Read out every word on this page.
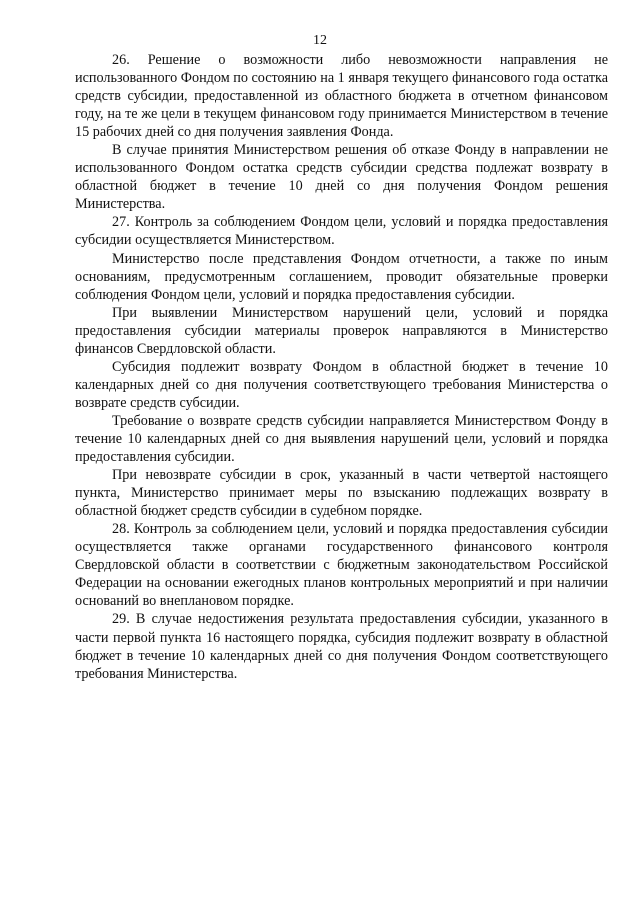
12

26. Решение о возможности либо невозможности направления не использованного Фондом по состоянию на 1 января текущего финансового года остатка средств субсидии, предоставленной из областного бюджета в отчетном финансовом году, на те же цели в текущем финансовом году принимается Министерством в течение 15 рабочих дней со дня получения заявления Фонда.

В случае принятия Министерством решения об отказе Фонду в направлении не использованного Фондом остатка средств субсидии средства подлежат возврату в областной бюджет в течение 10 дней со дня получения Фондом решения Министерства.

27. Контроль за соблюдением Фондом цели, условий и порядка предоставления субсидии осуществляется Министерством.

Министерство после представления Фондом отчетности, а также по иным основаниям, предусмотренным соглашением, проводит обязательные проверки соблюдения Фондом цели, условий и порядка предоставления субсидии.

При выявлении Министерством нарушений цели, условий и порядка предоставления субсидии материалы проверок направляются в Министерство финансов Свердловской области.

Субсидия подлежит возврату Фондом в областной бюджет в течение 10 календарных дней со дня получения соответствующего требования Министерства о возврате средств субсидии.

Требование о возврате средств субсидии направляется Министерством Фонду в течение 10 календарных дней со дня выявления нарушений цели, условий и порядка предоставления субсидии.

При невозврате субсидии в срок, указанный в части четвертой настоящего пункта, Министерство принимает меры по взысканию подлежащих возврату в областной бюджет средств субсидии в судебном порядке.

28. Контроль за соблюдением цели, условий и порядка предоставления субсидии осуществляется также органами государственного финансового контроля Свердловской области в соответствии с бюджетным законодательством Российской Федерации на основании ежегодных планов контрольных мероприятий и при наличии оснований во внеплановом порядке.

29. В случае недостижения результата предоставления субсидии, указанного в части первой пункта 16 настоящего порядка, субсидия подлежит возврату в областной бюджет в течение 10 календарных дней со дня получения Фондом соответствующего требования Министерства.
